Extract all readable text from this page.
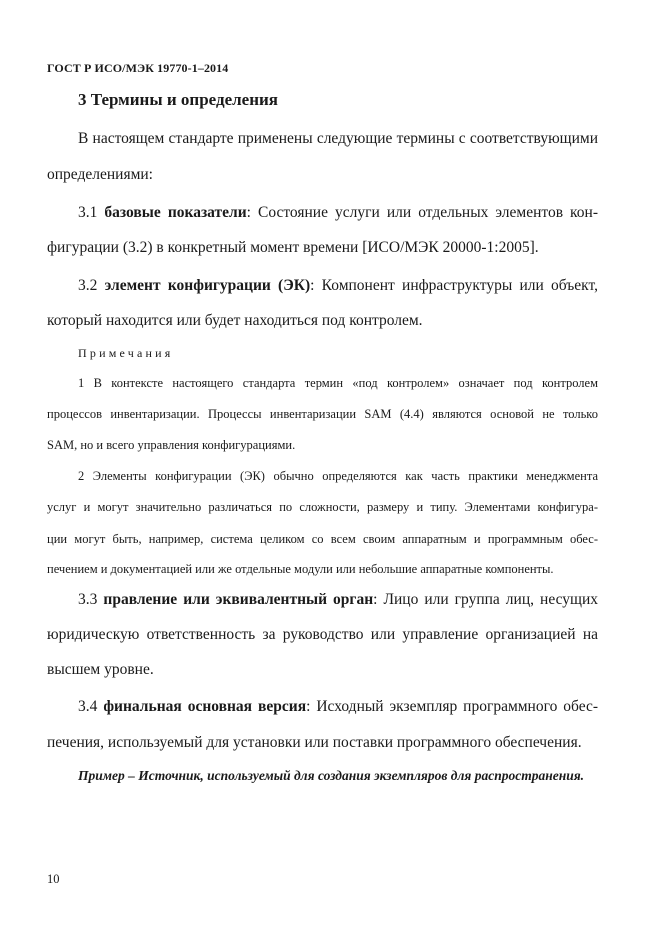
ГОСТ Р ИСО/МЭК 19770-1–2014
3 Термины и определения

В настоящем стандарте применены следующие термины с соответствующими

определениями:

3.1 базовые показатели: Состояние услуги или отдельных элементов кон-

фигурации (3.2) в конкретный момент времени [ИСО/МЭК 20000-1:2005].

3.2 элемент конфигурации (ЭК): Компонент инфраструктуры или объект,

который находится или будет находиться под контролем.

Примечания

1 В контексте настоящего стандарта термин «под контролем» означает под контролем

процессов инвентаризации. Процессы инвентаризации SAM (4.4) являются основой не только

SAM, но и всего управления конфигурациями.

2 Элементы конфигурации (ЭК) обычно определяются как часть практики менеджмента

услуг и могут значительно различаться по сложности, размеру и типу. Элементами конфигура-

ции могут быть, например, система целиком со всем своим аппаратным и программным обес-

печением и документацией или же отдельные модули или небольшие аппаратные компоненты.

3.3 правление или эквивалентный орган: Лицо или группа лиц, несущих

юридическую ответственность за руководство или управление организацией на

высшем уровне.

3.4 финальная основная версия: Исходный экземпляр программного обес-

печения, используемый для установки или поставки программного обеспечения.

Пример – Источник, используемый для создания экземпляров для распространения.
10
